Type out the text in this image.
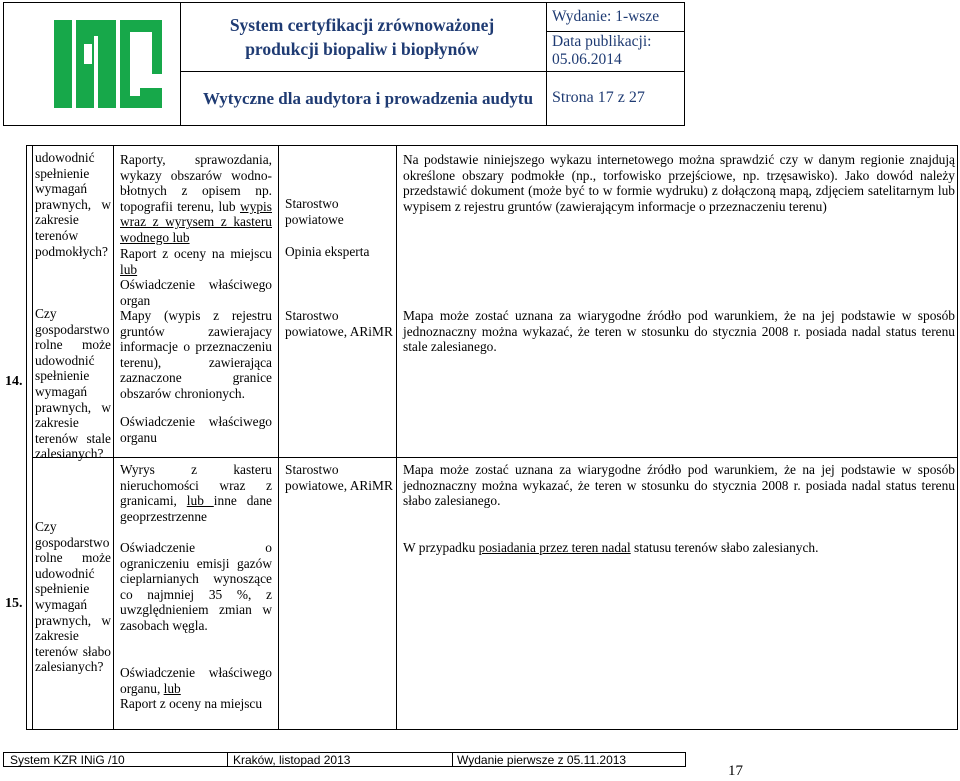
System certyfikacji zrównoważonej
produkcji biopaliw i biopłynów
Wytyczne dla audytora i prowadzenia audytu
Wydanie: 1-wsze
Data publikacji:
05.06.2014
Strona 17 z 27
14.
15.
udowodnić spełnienie wymagań prawnych, w zakresie terenów podmokłych?
Raporty, sprawozdania,
wykazy obszarów wodno-
błotnych z opisem np.
topografii terenu, lub wypis
wraz z wyrysem z kasteru
wodnego lub
Raport z oceny na miejscu
lub
Oświadczenie właściwego
organ
Starostwo
powiatowe
Opinia eksperta
Na podstawie niniejszego wykazu internetowego można sprawdzić czy w danym regionie znajdują określone obszary podmokłe (np., torfowisko przejściowe, np. trzęsawisko). Jako dowód należy przedstawić dokument (może być to w formie wydruku) z dołączoną mapą, zdjęciem satelitarnym lub wypisem z rejestru gruntów (zawierającym informacje o przeznaczeniu terenu)
Czy gospodarstwo rolne może udowodnić spełnienie wymagań prawnych, w zakresie terenów stale zalesianych?
Mapy (wypis z rejestru gruntów zawierajacy informacje o przeznaczeniu terenu), zawierająca zaznaczone granice obszarów chronionych.
Oświadczenie właściwego organu
Starostwo
powiatowe, ARiMR
Mapa może zostać uznana za wiarygodne źródło pod warunkiem, że na jej podstawie w sposób jednoznaczny można wykazać, że teren w stosunku do stycznia 2008 r. posiada nadal status terenu stale zalesianego.
Czy gospodarstwo rolne może udowodnić spełnienie wymagań prawnych, w zakresie terenów słabo zalesianych?
Wyrys z kasteru
nieruchomości wraz z
granicami, lub inne dane
geoprzestrzenne
Oświadczenie o ograniczeniu emisji gazów cieplarnianych wynoszące co najmniej 35 %, z uwzględnieniem zmian w zasobach węgla.
Oświadczenie właściwego
organu, lub
Raport z oceny na miejscu
Starostwo
powiatowe, ARiMR
Mapa może zostać uznana za wiarygodne źródło pod warunkiem, że na jej podstawie w sposób jednoznaczny można wykazać, że teren w stosunku do stycznia 2008 r. posiada nadal status terenu słabo zalesianego.
W przypadku posiadania przez teren nadal statusu terenów słabo zalesianych.
System KZR INiG /10	Kraków, listopad 2013	Wydanie pierwsze z 05.11.2013
17
